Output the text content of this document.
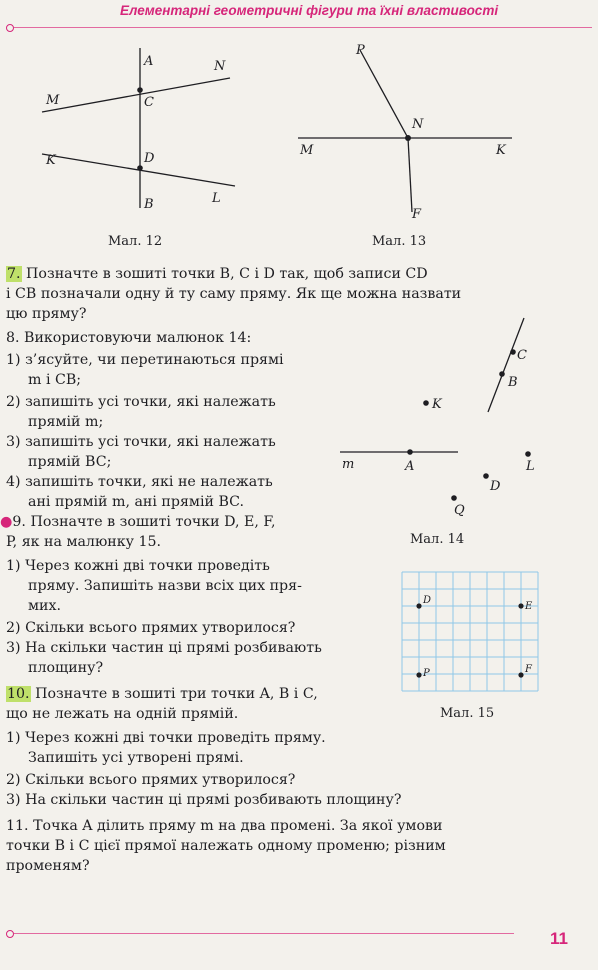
Елементарні геометричні фігури та їхні властивості
A	N
M	C
K	D
L
B
Мал. 12
P
N
M	K
F
Мал. 13
7. Позначте в зошиті точки B, C і D так, щоб записи CD
і CB позначали одну й ту саму пряму. Як ще можна назвати
цю пряму?
8. Використовуючи малюнок 14:
1) з’ясуйте, чи перетинаються прямі
m і CB;
2) запишіть усі точки, які належать
прямій m;
3) запишіть усі точки, які належать
прямій BC;
4) запишіть точки, які не належать
ані прямій m, ані прямій BC.
C
B
K
m	A	L
D
Q
Мал. 14
●9. Позначте в зошиті точки D, E, F,
P, як на малюнку 15.
1) Через кожні дві точки проведіть
пряму. Запишіть назви всіх цих пря-
мих.
2) Скільки всього прямих утворилося?
3) На скільки частин ці прямі розбивають
площину?
D
E
P	F
Мал. 15
10. Позначте в зошиті три точки A, B і C,
що не лежать на одній прямій.
1) Через кожні дві точки проведіть пряму.
Запишіть усі утворені прямі.
2) Скільки всього прямих утворилося?
3) На скільки частин ці прямі розбивають площину?
11. Точка A ділить пряму m на два промені. За якої умови
точки B і C цієї прямої належать одному променю; різним
променям?
11
